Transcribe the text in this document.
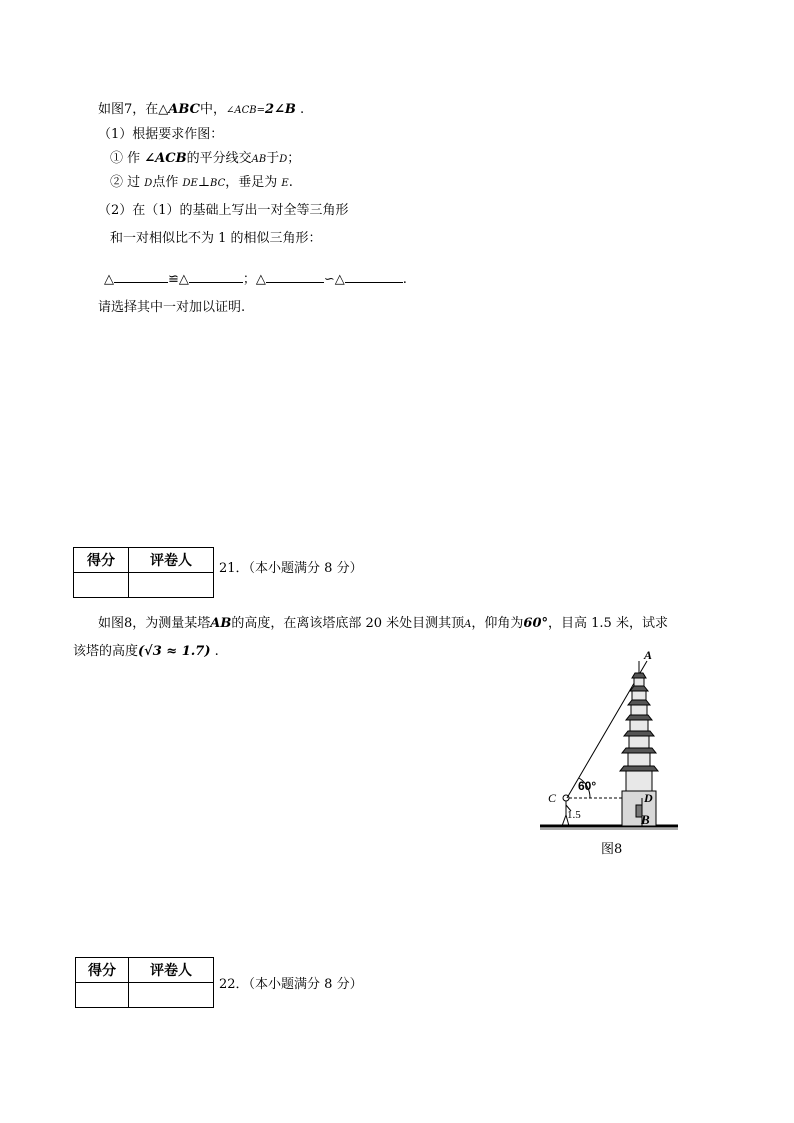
如图7，在△ABC中，∠ACB=2∠B .
（1）根据要求作图：
① 作 ∠ACB的平分线交AB于D；
② 过 D点作 DE⊥BC，垂足为 E.
（2）在（1）的基础上写出一对全等三角形
和一对相似比不为 1 的相似三角形：
△	≌△	；△	∽△	.
请选择其中一对加以证明.
得分	评卷人
	21．（本小题满分 8 分）
如图8，为测量某塔AB的高度，在离该塔底部 20 米处目测其顶A，仰角为60°，目高 1.5 米，试求
该塔的高度(√3 ≈ 1.7) .	A
C	D
B
60°
1.5
图8
得分	评卷人

22．（本小题满分 8 分）
